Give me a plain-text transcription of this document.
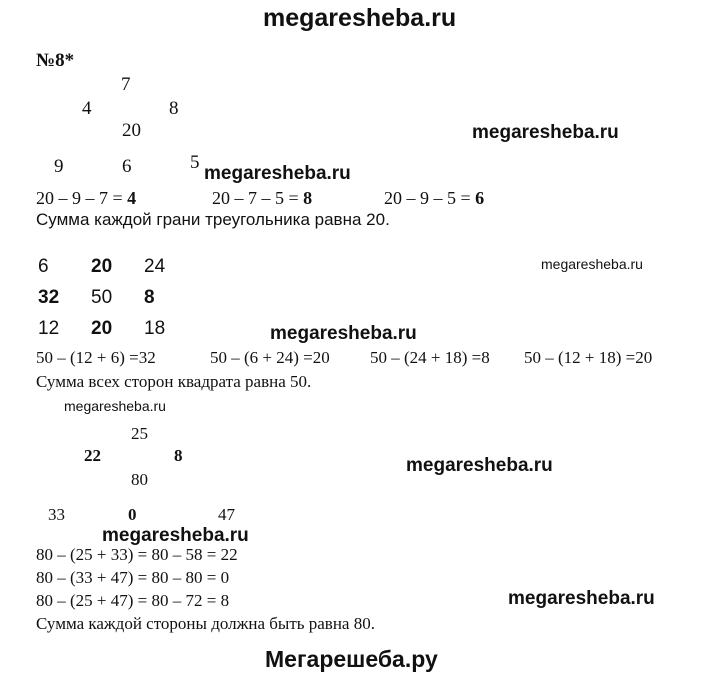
megaresheba.ru
№8*
7
4	8
20
9	6	5
megaresheba.ru
megaresheba.ru
20 – 9 – 7 = 4	20 – 7 – 5 = 8	20 – 9 – 5 = 6
Сумма каждой грани треугольника равна 20.
6 20 24
32 50 8
12 20 18
megaresheba.ru
megaresheba.ru
50 – (12 + 6) =32	50 – (6 + 24) =20 50 – (24 + 18) =8 50 – (12 + 18) =20
Сумма всех сторон квадрата равна 50.
megaresheba.ru
25
22	8
80
33	0	47
megaresheba.ru
megaresheba.ru
80 – (25 + 33) = 80 – 58 = 22
80 – (33 + 47) = 80 – 80 = 0
80 – (25 + 47) = 80 – 72 = 8
Сумма каждой стороны должна быть равна 80.
megaresheba.ru
Мегарешеба.ру
